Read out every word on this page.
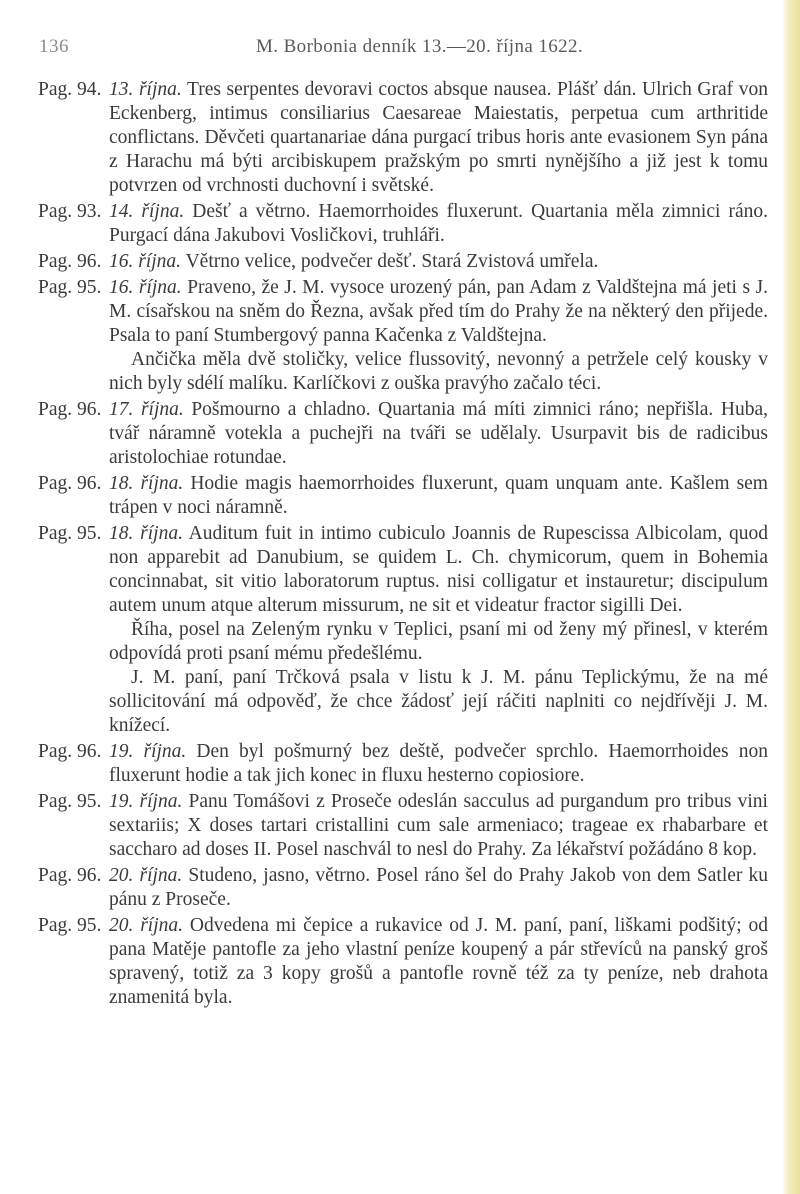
136	M. Borbonia denník 13.—20. října 1622.
Pag. 94. 13. října. Tres serpentes devoravi coctos absque nausea. Plášť dán. Ulrich Graf von Eckenberg, intimus consiliarius Caesareae Maiestatis, perpetua cum arthritide conflictans. Děvčeti quartanariae dána purgací tribus horis ante evasionem Syn pána z Harachu má býti arcibiskupem pražským po smrti nynějšího a již jest k tomu potvrzen od vrchnosti duchovní i světské.

Pag. 93. 14. října. Dešť a větrno. Haemorrhoides fluxerunt. Quartania měla zimnici ráno. Purgací dána Jakubovi Vosličkovi, truhláři.

Pag. 96. 16. října. Větrno velice, podvečer dešť. Stará Zvistová umřela.

Pag. 95. 16. října. Praveno, že J. M. vysoce urozený pán, pan Adam z Valdštejna má jeti s J. M. císařskou na sněm do Řezna, avšak před tím do Prahy že na některý den přijede. Psala to paní Stumbergový panna Kačenka z Valdštejna.

Ančička měla dvě stoličky, velice flussovitý, nevonný a petržele celý kousky v nich byly sdélí malíku. Karlíčkovi z ouška pravýho začalo téci.

Pag. 96. 17. října. Pošmourno a chladno. Quartania má míti zimnici ráno; nepřišla. Huba, tvář náramně votekla a puchejři na tváři se udělaly. Usurpavit bis de radicibus aristolochiae rotundae.

Pag. 96. 18. října. Hodie magis haemorrhoides fluxerunt, quam unquam ante. Kašlem sem trápen v noci náramně.

Pag. 95. 18. října. Auditum fuit in intimo cubiculo Joannis de Rupescissa Albicolam, quod non apparebit ad Danubium, se quidem L. Ch. chymicorum, quem in Bohemia concinnabat, sit vitio laboratorum ruptus. nisi colligatur et instauretur; discipulum autem unum atque alterum missurum, ne sit et videatur fractor sigilli Dei.

Říha, posel na Zeleným rynku v Teplici, psaní mi od ženy mý přinesl, v kterém odpovídá proti psaní mému předešlému.

J. M. paní, paní Trčková psala v listu k J. M. pánu Teplickýmu, že na mé sollicitování má odpověď, že chce žádosť její ráčiti naplniti co nejdřívěji J. M. knížecí.

Pag. 96. 19. října. Den byl pošmurný bez deště, podvečer sprchlo. Haemorrhoides non fluxerunt hodie a tak jich konec in fluxu hesterno copiosiore.

Pag. 95. 19. října. Panu Tomášovi z Proseče odeslán sacculus ad purgandum pro tribus vini sextariis; X doses tartari cristallini cum sale armeniaco; trageae ex rhabarbare et saccharo ad doses II. Posel naschvál to nesl do Prahy. Za lékařství požádáno 8 kop.

Pag. 96. 20. října. Studeno, jasno, větrno. Posel ráno šel do Prahy Jakob von dem Satler ku pánu z Proseče.

Pag. 95. 20. října. Odvedena mi čepice a rukavice od J. M. paní, paní, liškami podšitý; od pana Matěje pantofle za jeho vlastní peníze koupený a pár střevíců na panský groš spravený, totiž za 3 kopy grošů a pantofle rovně též za ty peníze, neb drahota znamenitá byla.
